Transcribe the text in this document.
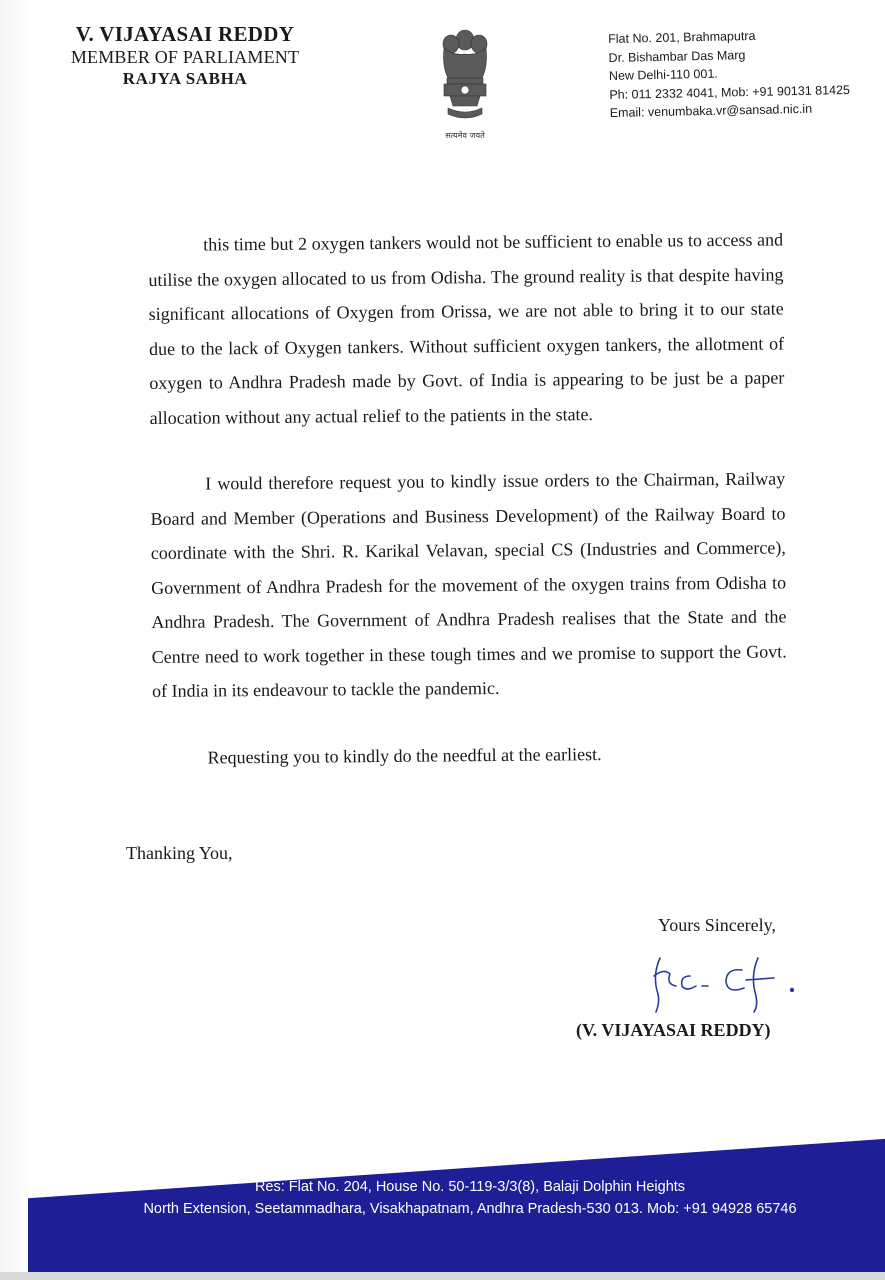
V. VIJAYASAI REDDY
MEMBER OF PARLIAMENT
RAJYA SABHA
सत्यमेव जयते
Flat No. 201, Brahmaputra
Dr. Bishambar Das Marg
New Delhi-110 001.
Ph: 011 2332 4041, Mob: +91 90131 81425
Email: venumbaka.vr@sansad.nic.in

this time but 2 oxygen tankers would not be sufficient to enable us to access and utilise the oxygen allocated to us from Odisha. The ground reality is that despite having significant allocations of Oxygen from Orissa, we are not able to bring it to our state due to the lack of Oxygen tankers. Without sufficient oxygen tankers, the allotment of oxygen to Andhra Pradesh made by Govt. of India is appearing to be just be a paper allocation without any actual relief to the patients in the state.

I would therefore request you to kindly issue orders to the Chairman, Railway Board and Member (Operations and Business Development) of the Railway Board to coordinate with the Shri. R. Karikal Velavan, special CS (Industries and Commerce), Government of Andhra Pradesh for the movement of the oxygen trains from Odisha to Andhra Pradesh. The Government of Andhra Pradesh realises that the State and the Centre need to work together in these tough times and we promise to support the Govt. of India in its endeavour to tackle the pandemic.

Requesting you to kindly do the needful at the earliest.

Thanking You,
Yours Sincerely,
(V. VIJAYASAI REDDY)
Res: Flat No. 204, House No. 50-119-3/3(8), Balaji Dolphin Heights
North Extension, Seetammadhara, Visakhapatnam, Andhra Pradesh-530 013. Mob: +91 94928 65746
